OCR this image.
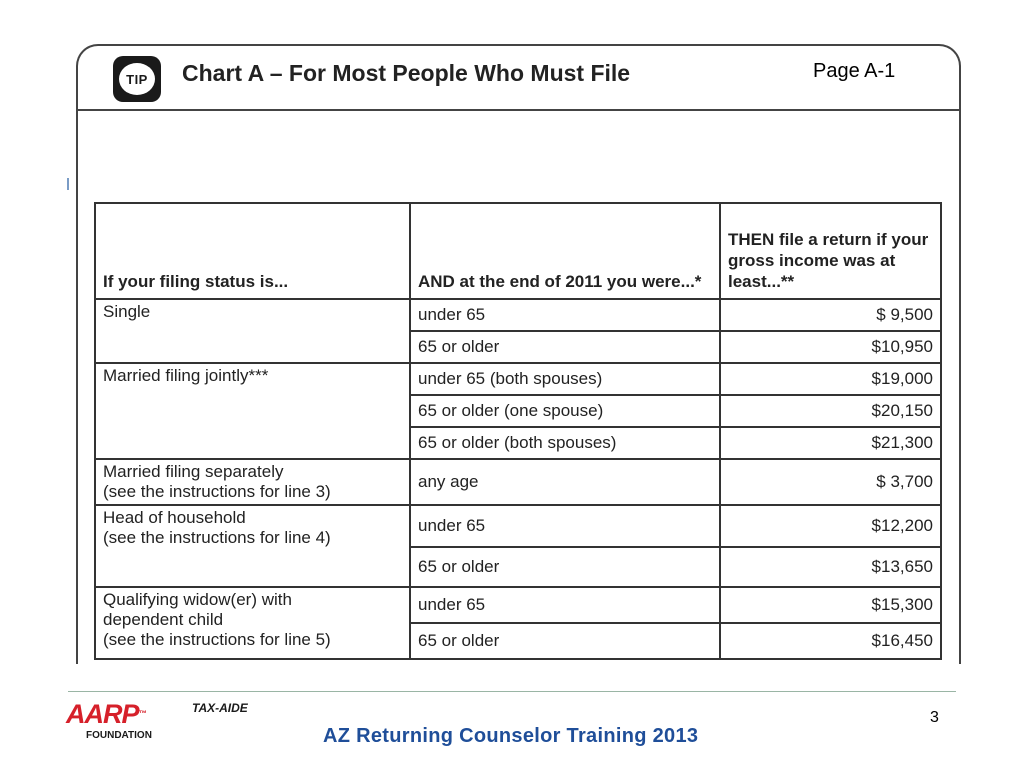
TIP	Chart A – For Most People Who Must File	Page A-1
If your filing status is...	AND at the end of 2011 you were...*	THEN file a return if your gross income was at least...**
Single	under 65	$ 9,500
	65 or older	$10,950
Married filing jointly***	under 65 (both spouses)	$19,000
	65 or older (one spouse)	$20,150
	65 or older (both spouses)	$21,300
Married filing separately
(see the instructions for line 3)	any age	$ 3,700
Head of household
(see the instructions for line 4)	under 65	$12,200
	65 or older	$13,650
Qualifying widow(er) with
dependent child
(see the instructions for line 5)	under 65	$15,300
	65 or older	$16,450
AARP™
FOUNDATION
TAX-AIDE
AZ Returning Counselor Training 2013
3
